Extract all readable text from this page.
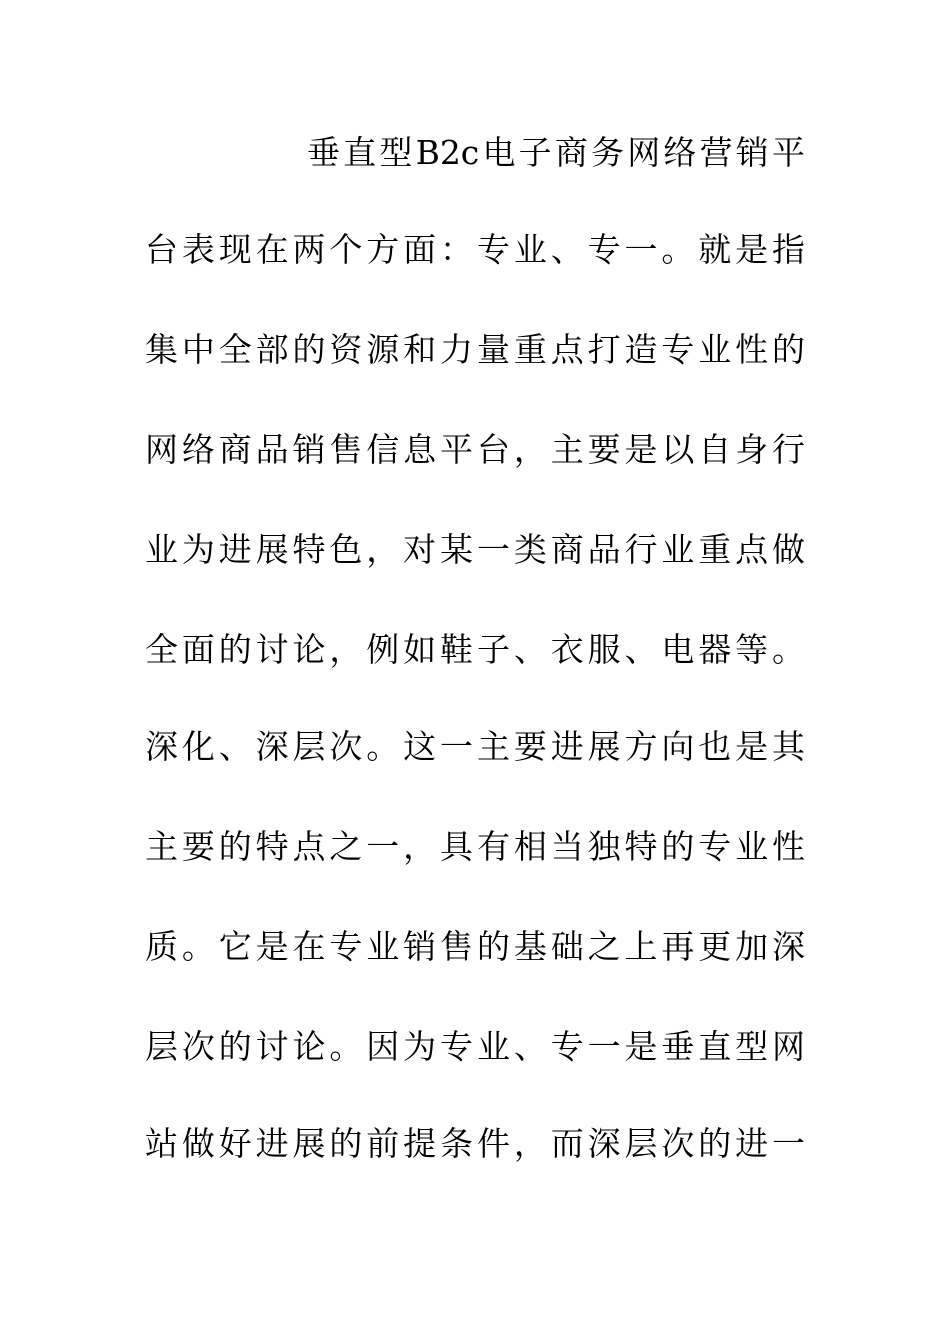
垂直型B2c电子商务网络营销平
台表现在两个方面：专业、专一。就是指
集中全部的资源和力量重点打造专业性的
网络商品销售信息平台，主要是以自身行
业为进展特色，对某一类商品行业重点做
全面的讨论，例如鞋子、衣服、电器等。
深化、深层次。这一主要进展方向也是其
主要的特点之一，具有相当独特的专业性
质。它是在专业销售的基础之上再更加深
层次的讨论。因为专业、专一是垂直型网
站做好进展的前提条件，而深层次的进一
